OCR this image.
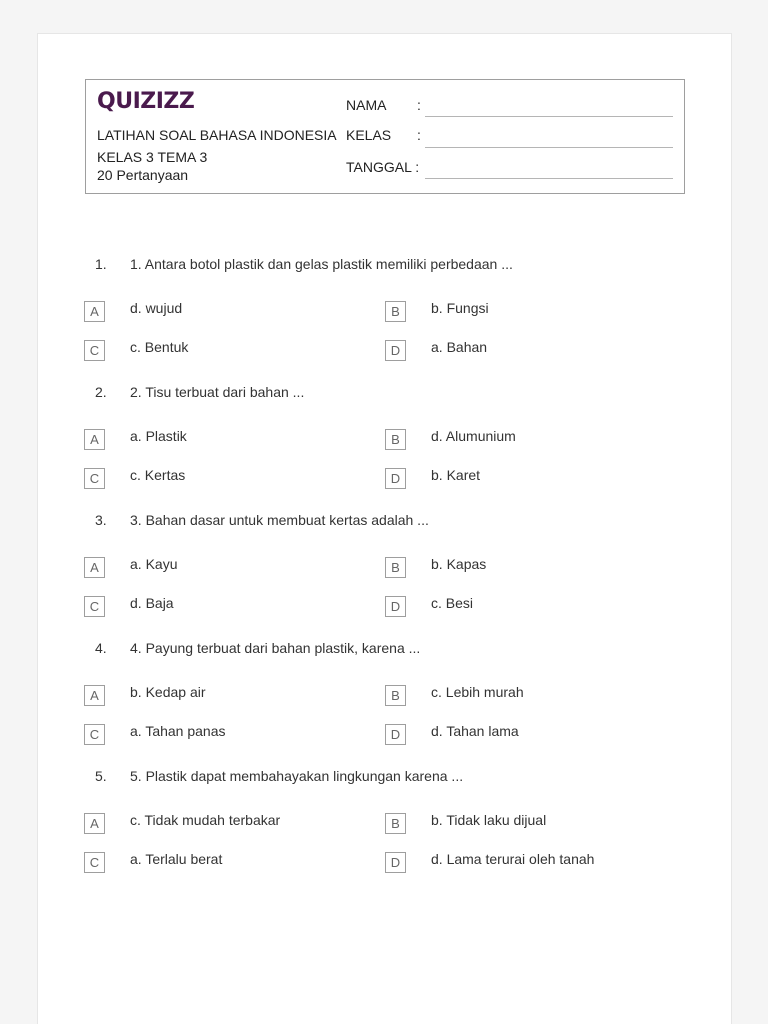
QUIZIZZ
LATIHAN SOAL BAHASA INDONESIA
KELAS 3 TEMA 3
20 Pertanyaan
NAMA :
KELAS :
TANGGAL :
1.	1. Antara botol plastik dan gelas plastik memiliki perbedaan ...
A	d. wujud	B	b. Fungsi
C	c. Bentuk	D	a. Bahan
2.	2. Tisu terbuat dari bahan ...
A	a. Plastik	B	d. Alumunium
C	c. Kertas	D	b. Karet
3.	3. Bahan dasar untuk membuat kertas adalah ...
A	a. Kayu	B	b. Kapas
C	d. Baja	D	c. Besi
4.	4. Payung terbuat dari bahan plastik, karena ...
A	b. Kedap air	B	c. Lebih murah
C	a. Tahan panas	D	d. Tahan lama
5.	5. Plastik dapat membahayakan lingkungan karena ...
A	c. Tidak mudah terbakar	B	b. Tidak laku dijual
C	a. Terlalu berat	D	d. Lama terurai oleh tanah
